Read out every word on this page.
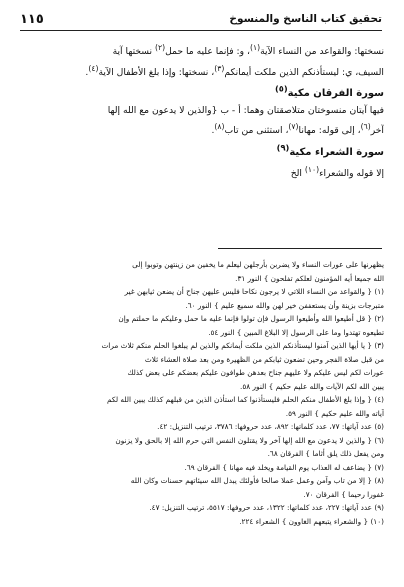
تحقيق كتاب الناسخ والمنسوخ
١١٥
نسختها: والقواعد من النساء الآية$^{(١)}$، و: فإنما عليه ما حمل$^{(٢)}$ نسختها آية
السيف، ي: ليستأذنكم الذين ملكت أيمانكم$^{(٣)}$، نسختها: وإذا بلغ الأطفال الآية$^{(٤)}$.
سورة الفرقان مكية$^{(٥)}$
فيها آيتان منسوختان متلاصقتان وهما: أ - ب {والذين لا يدعون مع الله إلها
آخر$^{(٦)}$، إلى قوله: مهانا$^{(٧)}$، استثنى من تاب$^{(٨)}$.
سورة الشعراء مكية$^{(٩)}$
إلا قوله والشعراء$^{(١٠)}$ الخ
يظهرنها على عورات النساء ولا يضربن بأرجلهن ليعلم ما يخفين من زينتهن وتوبوا إلى
الله جميعا أيه المؤمنون لعلكم تفلحون } النور ٣١.
(١) { والقواعد من النساء اللاتي لا يرجون نكاحا فليس عليهن جناح أن يضعن ثيابهن غير
متبرجات بزينة وأن يستعففن خير لهن والله سميع عليم } النور ٦٠.
(٢) { قل أطيعوا الله وأطيعوا الرسول فإن تولوا فإنما عليه ما حمل وعليكم ما حملتم وإن
تطيعوه تهتدوا وما على الرسول إلا البلاغ المبين } النور ٥٤.
(٣) { يا أيها الذين آمنوا ليستأذنكم الذين ملكت أيمانكم والذين لم يبلغوا الحلم منكم ثلاث مرات
من قبل صلاة الفجر وحين تضعون ثيابكم من الظهيرة ومن بعد صلاة العشاء ثلاث
عورات لكم ليس عليكم ولا عليهم جناح بعدهن طوافون عليكم بعضكم على بعض كذلك
يبين الله لكم الآيات والله عليم حكيم } النور ٥٨.
(٤) { وإذا بلغ الأطفال منكم الحلم فليستأذنوا كما استأذن الذين من قبلهم كذلك يبين الله لكم
آياته والله عليم حكيم } النور ٥٩.
(٥) عدد آياتها: ٧٧، عدد كلماتها: ٨٩٢، عدد حروفها: ٣٧٨٦، ترتيب التنزيل: ٤٢.
(٦) { والذين لا يدعون مع الله إلها آخر ولا يقتلون النفس التي حرم الله إلا بالحق ولا يزنون
ومن يفعل ذلك يلق أثاما } الفرقان ٦٨.
(٧) { يضاعف له العذاب يوم القيامة ويخلد فيه مهانا } الفرقان ٦٩.
(٨) { إلا من تاب وآمن وعمل عملا صالحا فأولئك يبدل الله سيئاتهم حسنات وكان الله
غفورا رحيما } الفرقان ٧٠.
(٩) عدد آياتها: ٢٢٧، عدد كلماتها: ١٣٢٢، عدد حروفها: ٥٥١٧، ترتيب التنزيل: ٤٧.
(١٠) { والشعراء يتبعهم الغاوون } الشعراء ٢٢٤.
